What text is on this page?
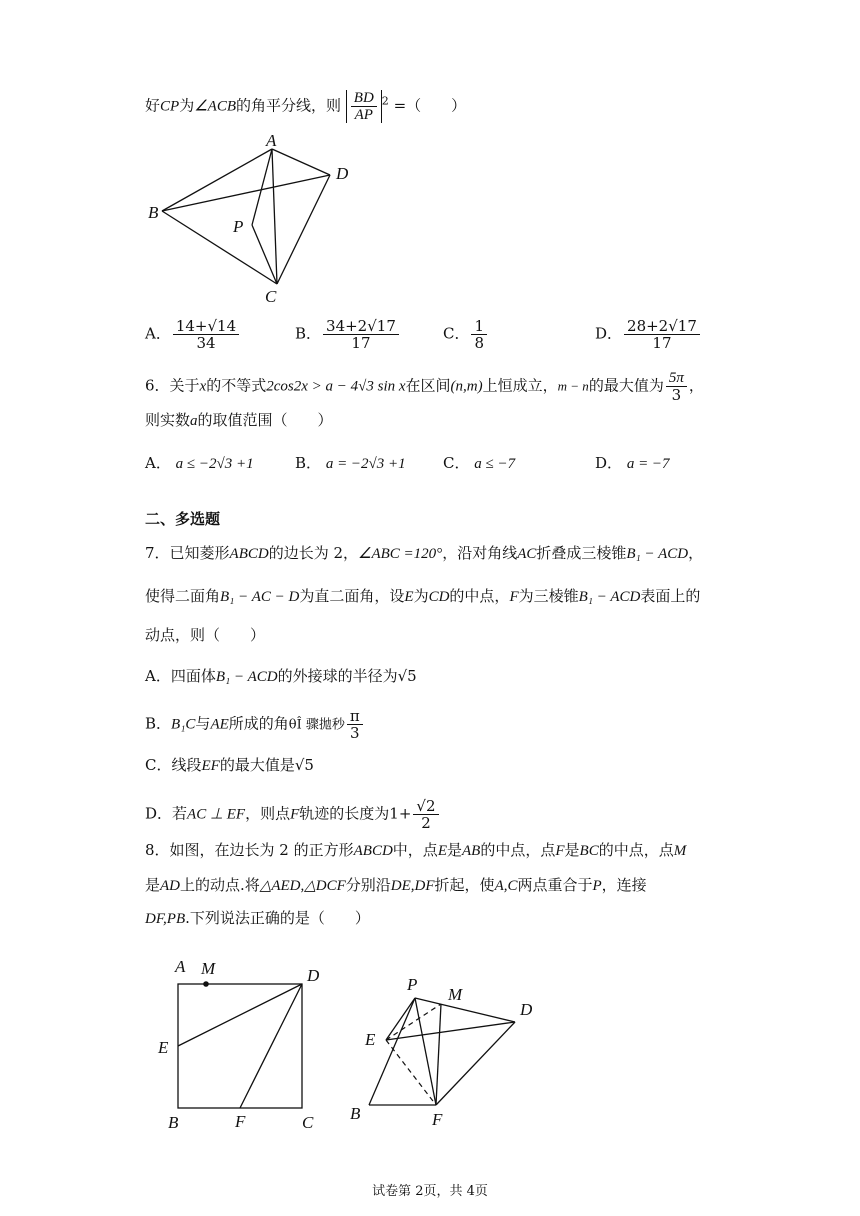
好CP为∠ACB的角平分线，则 $\frac{BD}{AP} ^2$ =（　　）
A
D
B
P
C
A． $\frac{14+√14}{34}$	B． $\frac{34+2√17}{17}$	C． $\frac{1}{8}$	D． $\frac{28+2√17}{17}$
6．关于x的不等式2cos2x > a − 4√3 sin x在区间(n,m)上恒成立，m − n的最大值为 $\frac{5\pi}{3}$ ，
则实数a的取值范围（　　）
A． a ≤ −2√3 +1	B． a = −2√3 +1 C． a ≤ −7	D． a = −7
二、多选题
7．已知菱形ABCD的边长为 2，∠ABC =120°，沿对角线AC折叠成三棱锥B₁ − ACD，
使得二面角B₁ − AC − D为直二面角，设E为CD的中点，F为三棱锥B₁ − ACD表面上的
动点，则（　　）
A．四面体B₁ − ACD的外接球的半径为√5
B．B₁C与AE所成的角θÎ 骤拋秒 $\frac{\pi}{3}$
C．线段EF的最大值是√5
D．若AC ⊥ EF，则点F轨迹的长度为$1+ \frac{√2}{2}$
8．如图，在边长为 2 的正方形ABCD中，点E是AB的中点，点F是BC的中点，点M
是AD上的动点.将△AED,△DCF分别沿DE,DF折起，使A,C两点重合于P，连接
DF,PB.下列说法正确的是（　　）
A M	D
E
B	F	C
P
M
D
E
B	F
试卷第 2页，共 4页
